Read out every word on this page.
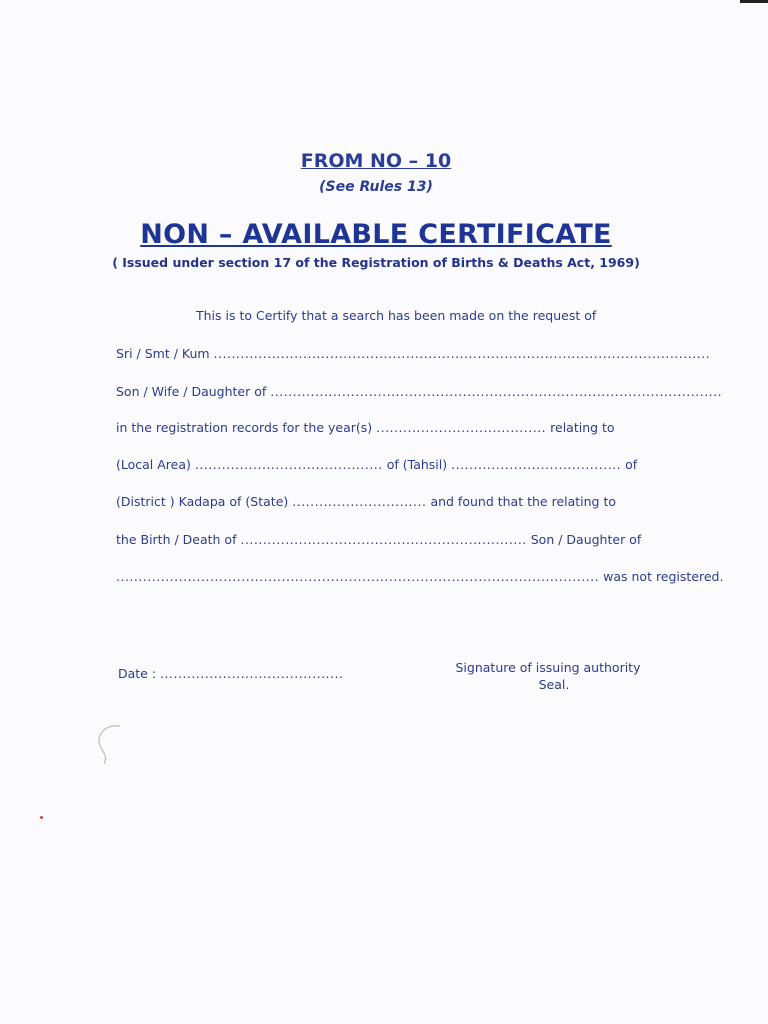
FROM NO – 10
(See Rules 13)
NON – AVAILABLE CERTIFICATE
( Issued under section 17 of the Registration of Births & Deaths Act, 1969)
This is to Certify that a search has been made on the request of
Sri / Smt / Kum ...............................................................................................................
Son / Wife / Daughter of .....................................................................................................
in the registration records for the year(s) ...................................... relating to
(Local Area) .......................................... of (Tahsil) ...................................... of
(District ) Kadapa of (State) .............................. and found that the relating to
the Birth / Death of ................................................................ Son / Daughter of
............................................................................................................ was not registered.
Date : .........................................	Signature of issuing authority
Seal.
